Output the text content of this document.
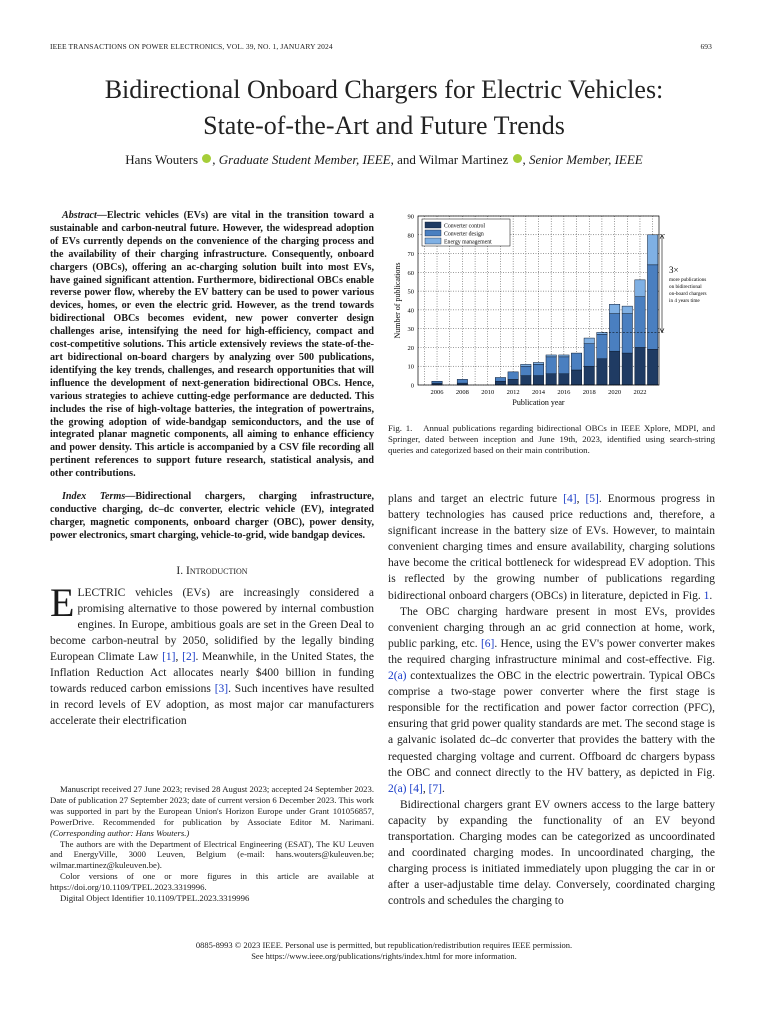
IEEE TRANSACTIONS ON POWER ELECTRONICS, VOL. 39, NO. 1, JANUARY 2024	693
Bidirectional Onboard Chargers for Electric Vehicles:
State-of-the-Art and Future Trends
Hans Wouters , Graduate Student Member, IEEE, and Wilmar Martinez , Senior Member, IEEE
Abstract—Electric vehicles (EVs) are vital in the transition toward a sustainable and carbon-neutral future. However, the widespread adoption of EVs currently depends on the convenience of the charging process and the availability of their charging infrastructure. Consequently, onboard chargers (OBCs), offering an ac-charging solution built into most EVs, have gained significant attention. Furthermore, bidirectional OBCs enable reverse power flow, whereby the EV battery can be used to power various devices, homes, or even the electric grid. However, as the trend towards bidirectional OBCs becomes evident, new power converter design challenges arise, intensifying the need for high-efficiency, compact and cost-competitive solutions. This article extensively reviews the state-of-the-art bidirectional on-board chargers by analyzing over 500 publications, identifying the key trends, challenges, and research opportunities that will influence the development of next-generation bidirectional OBCs. Hence, various strategies to achieve cutting-edge performance are deducted. This includes the rise of high-voltage batteries, the integration of powertrains, the growing adoption of wide-bandgap semiconductors, and the use of integrated planar magnetic components, all aiming to enhance efficiency and power density. This article is accompanied by a CSV file recording all pertinent references to support future research, statistical analysis, and other contributions.
Index Terms—Bidirectional chargers, charging infrastructure, conductive charging, dc–dc converter, electric vehicle (EV), integrated charger, magnetic components, onboard charger (OBC), power density, power electronics, smart charging, vehicle-to-grid, wide bandgap devices.
I. Introduction
ELECTRIC vehicles (EVs) are increasingly considered a promising alternative to those powered by internal combustion engines. In Europe, ambitious goals are set in the Green Deal to become carbon-neutral by 2050, solidified by the legally binding European Climate Law [1], [2]. Meanwhile, in the United States, the Inflation Reduction Act allocates nearly $400 billion in funding towards reduced carbon emissions [3]. Such incentives have resulted in record levels of EV adoption, as most major car manufacturers accelerate their electrification

Manuscript received 27 June 2023; revised 28 August 2023; accepted 24 September 2023. Date of publication 27 September 2023; date of current version 6 December 2023. This work was supported in part by the European Union's Horizon Europe under Grant 101056857, PowerDrive. Recommended for publication by Associate Editor M. Narimani. (Corresponding author: Hans Wouters.)

The authors are with the Department of Electrical Engineering (ESAT), The KU Leuven and EnergyVille, 3000 Leuven, Belgium (e-mail: hans.wouters@kuleuven.be; wilmar.martinez@kuleuven.be).

Color versions of one or more figures in this article are available at https://doi.org/10.1109/TPEL.2023.3319996.

Digital Object Identifier 10.1109/TPEL.2023.3319996

0
10
20
30
40
50
60
70
80
90
2006 2008 2010 2012 2014 2016 2018 2020 2022
Publication year
Number of publications
Converter control
Converter design
Energy management
3×
more publications
on bidirectional
on-board chargers
in 4 years time
Fig. 1. Annual publications regarding bidirectional OBCs in IEEE Xplore, MDPI, and Springer, dated between inception and June 19th, 2023, identified using search-string queries and categorized based on their main contribution.
plans and target an electric future [4], [5]. Enormous progress in battery technologies has caused price reductions and, therefore, a significant increase in the battery size of EVs. However, to maintain convenient charging times and ensure availability, charging solutions have become the critical bottleneck for widespread EV adoption. This is reflected by the growing number of publications regarding bidirectional onboard chargers (OBCs) in literature, depicted in Fig. 1.
The OBC charging hardware present in most EVs, provides convenient charging through an ac grid connection at home, work, public parking, etc. [6]. Hence, using the EV's power converter makes the required charging infrastructure minimal and cost-effective. Fig. 2(a) contextualizes the OBC in the electric powertrain. Typical OBCs comprise a two-stage power converter where the first stage is responsible for the rectification and power factor correction (PFC), ensuring that grid power quality standards are met. The second stage is a galvanic isolated dc–dc converter that provides the battery with the requested charging voltage and current. Offboard dc chargers bypass the OBC and connect directly to the HV battery, as depicted in Fig. 2(a) [4], [7].
Bidirectional chargers grant EV owners access to the large battery capacity by expanding the functionality of an EV beyond transportation. Charging modes can be categorized as uncoordinated and coordinated charging modes. In uncoordinated charging, the charging process is initiated immediately upon plugging the car in or after a user-adjustable time delay. Conversely, coordinated charging controls and schedules the charging to
0885-8993 © 2023 IEEE. Personal use is permitted, but republication/redistribution requires IEEE permission.
See https://www.ieee.org/publications/rights/index.html for more information.
